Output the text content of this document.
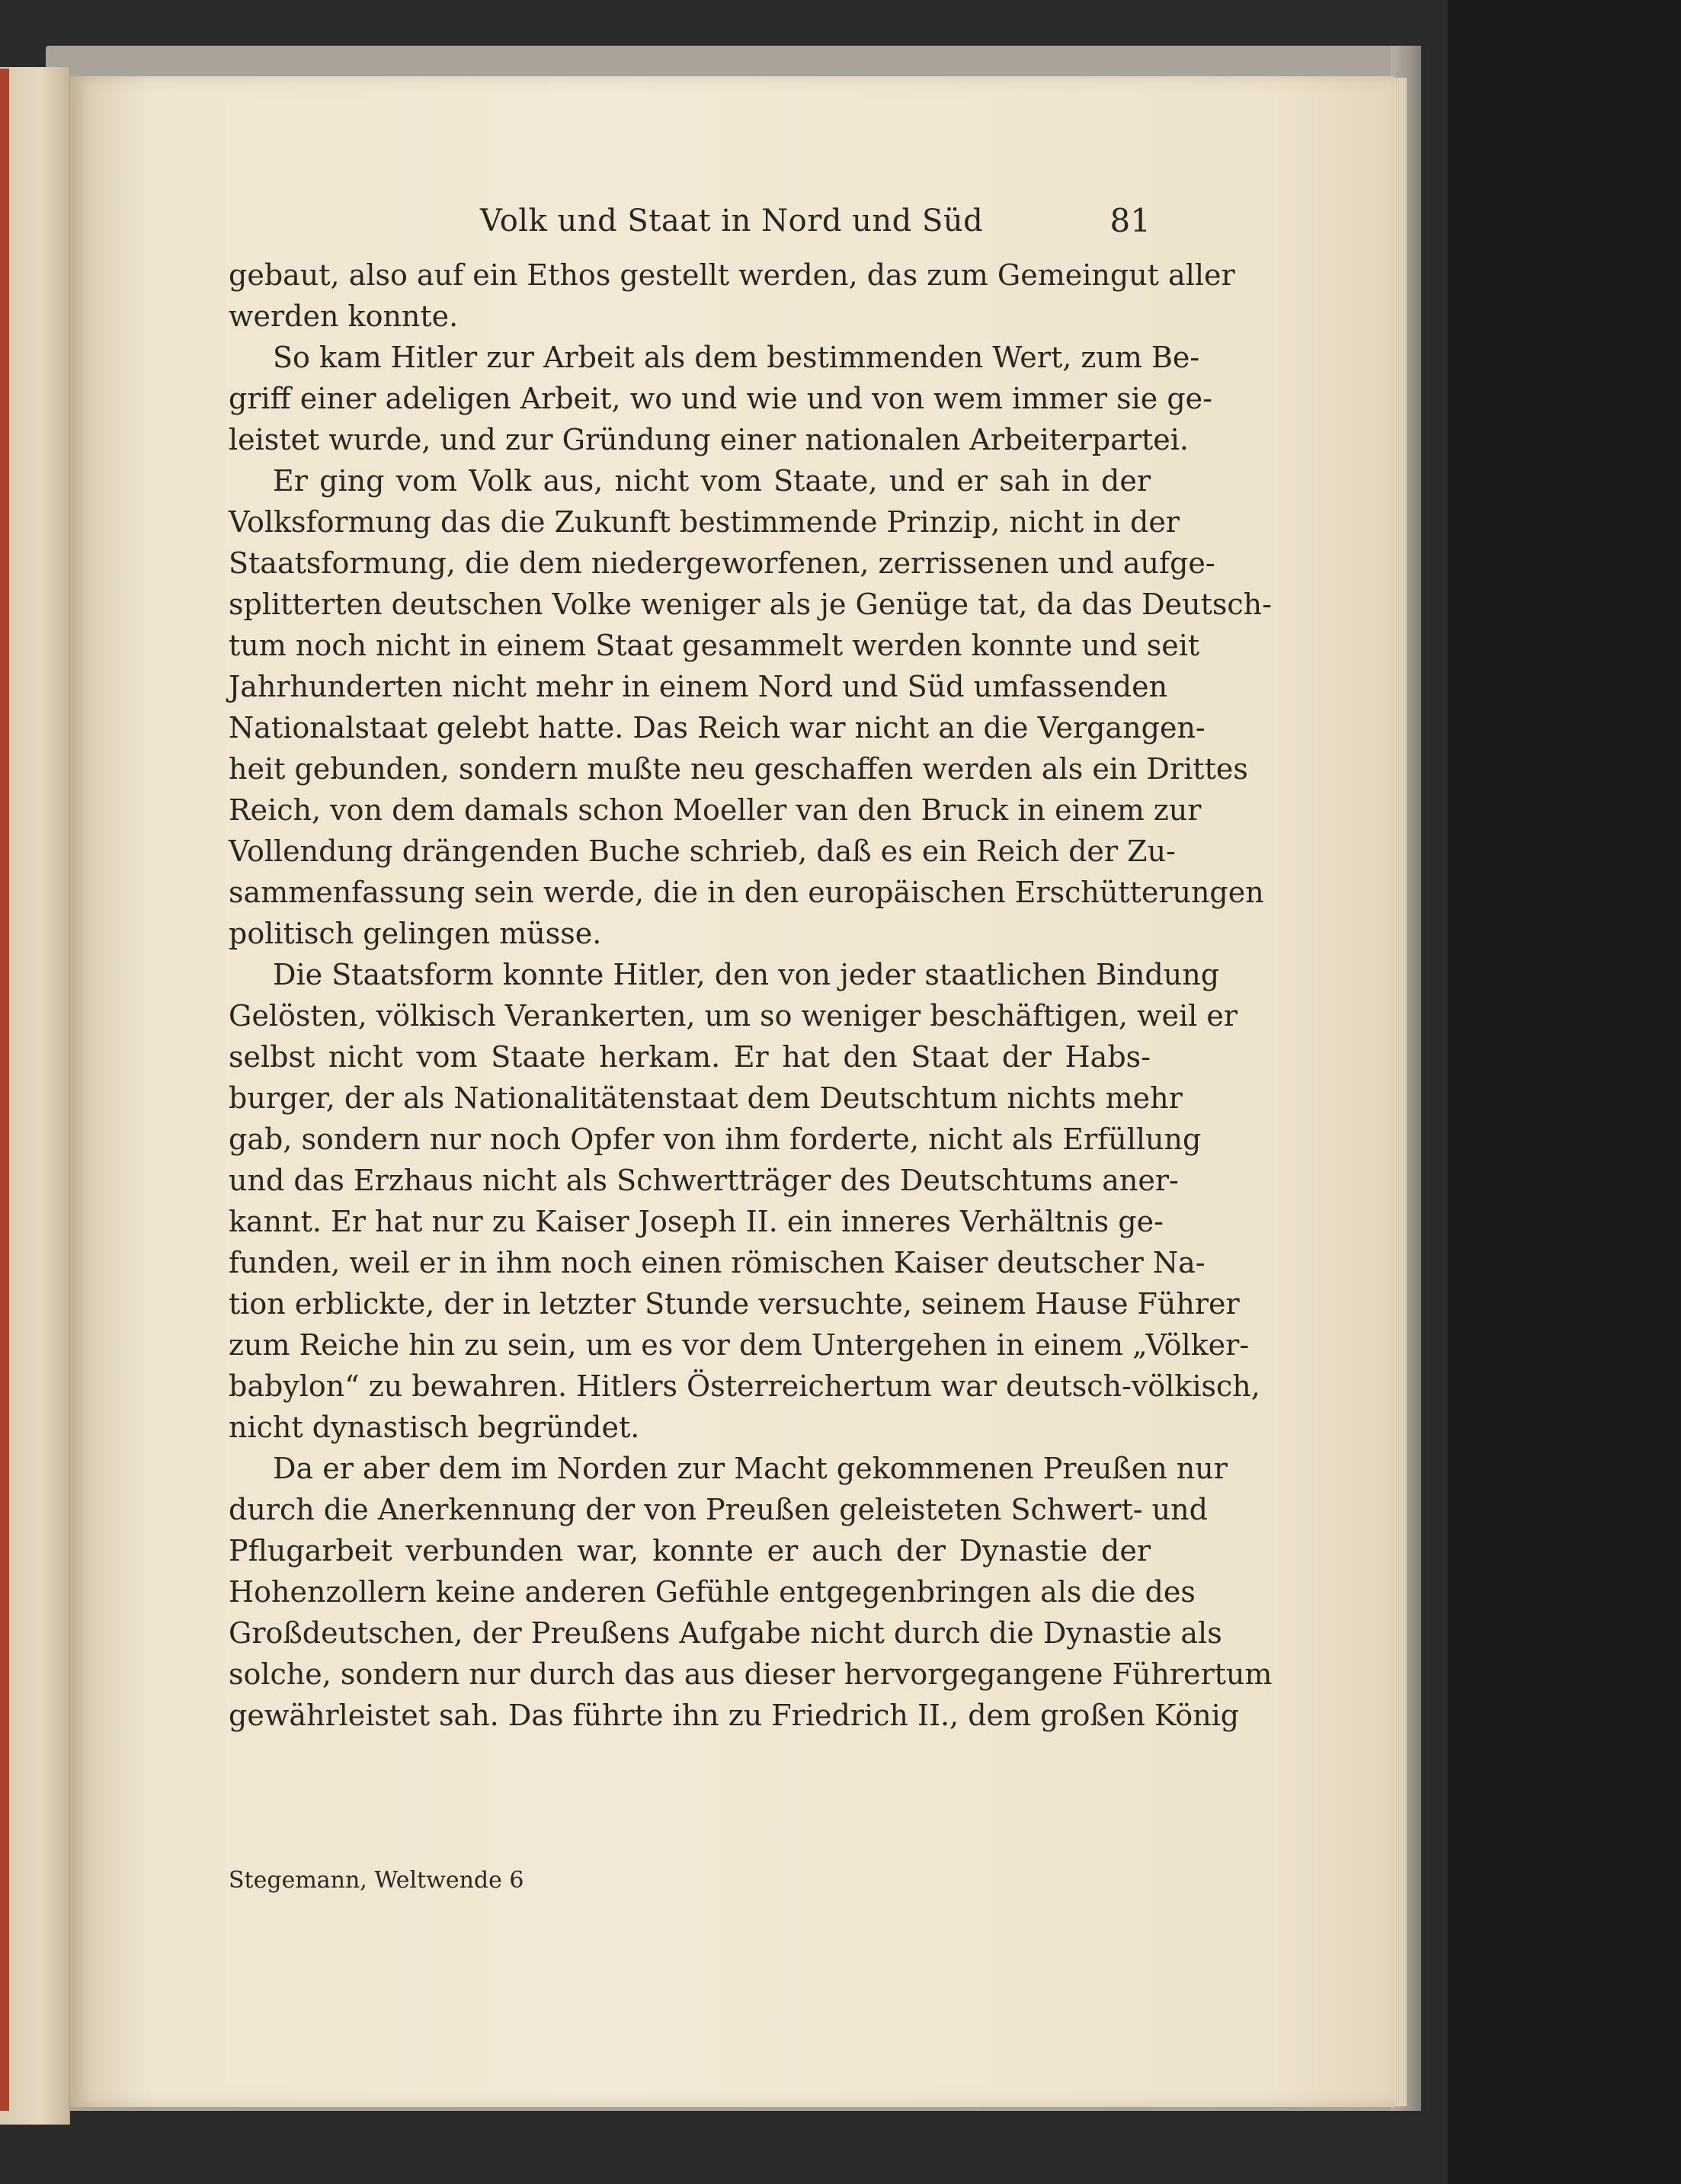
Volk und Staat in Nord und Süd	81
gebaut, also auf ein Ethos gestellt werden, das zum Gemeingut aller
werden konnte.
So kam Hitler zur Arbeit als dem bestimmenden Wert, zum Be-
griff einer adeligen Arbeit, wo und wie und von wem immer sie ge-
leistet wurde, und zur Gründung einer nationalen Arbeiterpartei.
Er ging vom Volk aus, nicht vom Staate, und er sah in der
Volksformung das die Zukunft bestimmende Prinzip, nicht in der
Staatsformung, die dem niedergeworfenen, zerrissenen und aufge-
splitterten deutschen Volke weniger als je Genüge tat, da das Deutsch-
tum noch nicht in einem Staat gesammelt werden konnte und seit
Jahrhunderten nicht mehr in einem Nord und Süd umfassenden
Nationalstaat gelebt hatte. Das Reich war nicht an die Vergangen-
heit gebunden, sondern mußte neu geschaffen werden als ein Drittes
Reich, von dem damals schon Moeller van den Bruck in einem zur
Vollendung drängenden Buche schrieb, daß es ein Reich der Zu-
sammenfassung sein werde, die in den europäischen Erschütterungen
politisch gelingen müsse.
Die Staatsform konnte Hitler, den von jeder staatlichen Bindung
Gelösten, völkisch Verankerten, um so weniger beschäftigen, weil er
selbst nicht vom Staate herkam. Er hat den Staat der Habs-
burger, der als Nationalitätenstaat dem Deutschtum nichts mehr
gab, sondern nur noch Opfer von ihm forderte, nicht als Erfüllung
und das Erzhaus nicht als Schwertträger des Deutschtums aner-
kannt. Er hat nur zu Kaiser Joseph II. ein inneres Verhältnis ge-
funden, weil er in ihm noch einen römischen Kaiser deutscher Na-
tion erblickte, der in letzter Stunde versuchte, seinem Hause Führer
zum Reiche hin zu sein, um es vor dem Untergehen in einem „Völker-
babylon“ zu bewahren. Hitlers Österreichertum war deutsch-völkisch,
nicht dynastisch begründet.
Da er aber dem im Norden zur Macht gekommenen Preußen nur
durch die Anerkennung der von Preußen geleisteten Schwert- und
Pflugarbeit verbunden war, konnte er auch der Dynastie der
Hohenzollern keine anderen Gefühle entgegenbringen als die des
Großdeutschen, der Preußens Aufgabe nicht durch die Dynastie als
solche, sondern nur durch das aus dieser hervorgegangene Führertum
gewährleistet sah. Das führte ihn zu Friedrich II., dem großen König
Stegemann, Weltwende 6
